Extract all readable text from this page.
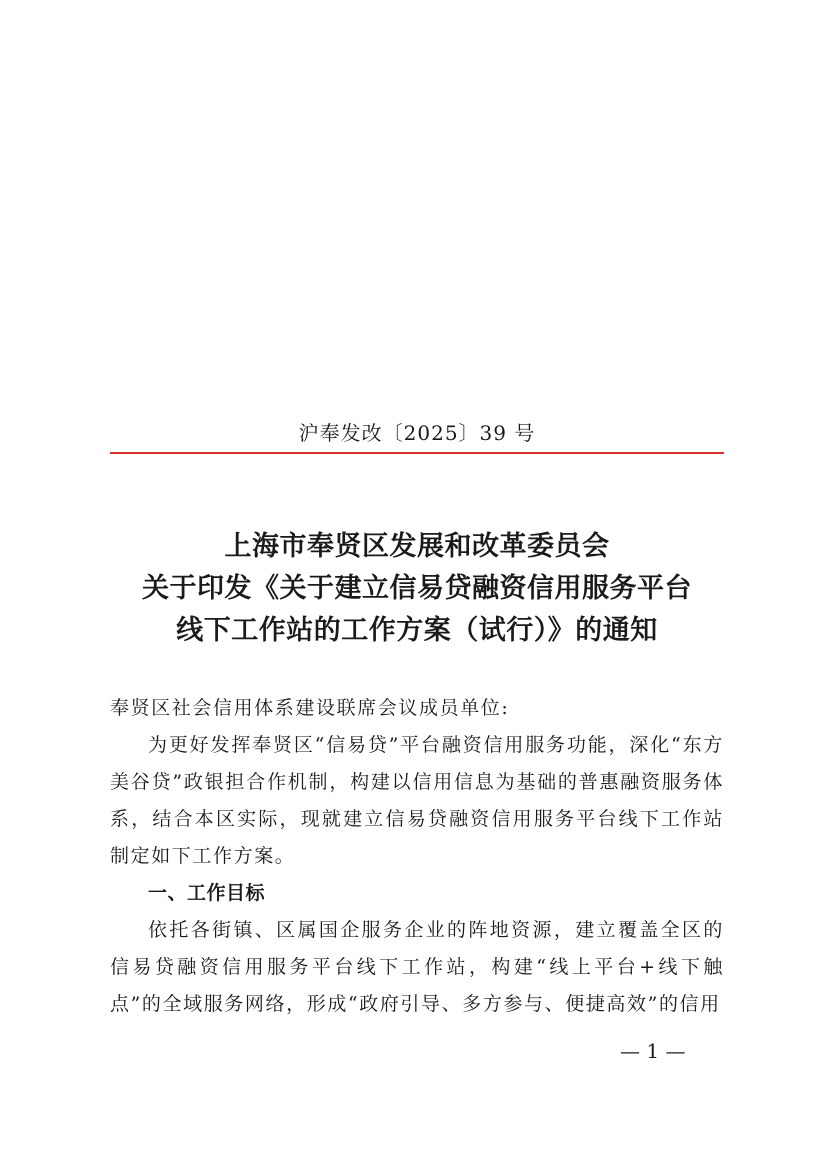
沪奉发改〔2025〕39 号
上海市奉贤区发展和改革委员会
关于印发《关于建立信易贷融资信用服务平台
线下工作站的工作方案（试行）》的通知

奉贤区社会信用体系建设联席会议成员单位:

为更好发挥奉贤区“信易贷”平台融资信用服务功能，深化“东方美谷贷”政银担合作机制，构建以信用信息为基础的普惠融资服务体系，结合本区实际，现就建立信易贷融资信用服务平台线下工作站制定如下工作方案。

一、工作目标

依托各街镇、区属国企服务企业的阵地资源，建立覆盖全区的信易贷融资信用服务平台线下工作站，构建“线上平台+线下触点”的全域服务网络，形成“政府引导、多方参与、便捷高效”的信用

— 1 —
